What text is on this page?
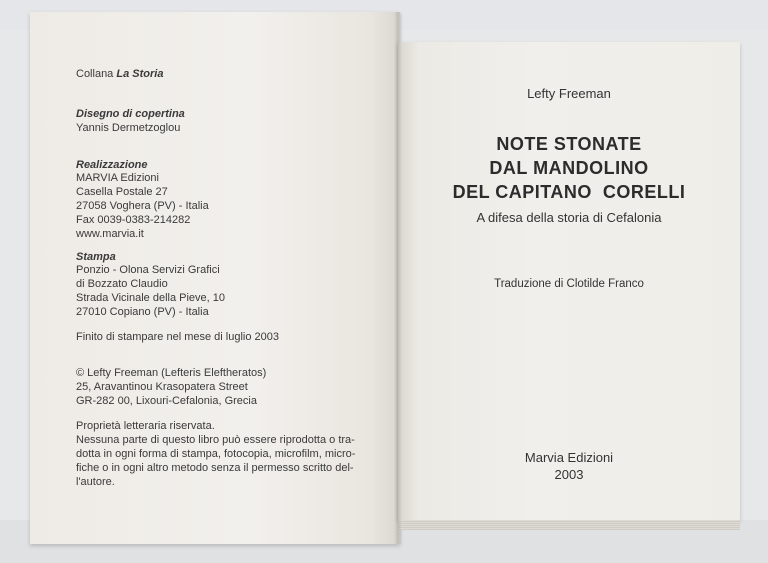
Collana La Storia
Disegno di copertina
Yannis Dermetzoglou
Realizzazione
MARVIA Edizioni
Casella Postale 27
27058 Voghera (PV) - Italia
Fax 0039-0383-214282
www.marvia.it
Stampa
Ponzio - Olona Servizi Grafici
di Bozzato Claudio
Strada Vicinale della Pieve, 10
27010 Copiano (PV) - Italia
Finito di stampare nel mese di luglio 2003
© Lefty Freeman (Lefteris Eleftheratos)
25, Aravantinou Krasopatera Street
GR-282 00, Lixouri-Cefalonia, Grecia
Proprietà letteraria riservata.
Nessuna parte di questo libro può essere riprodotta o tra-
dotta in ogni forma di stampa, fotocopia, microfilm, micro-
fiche o in ogni altro metodo senza il permesso scritto del-
l'autore.
Lefty Freeman
NOTE STONATE
DAL MANDOLINO
DEL CAPITANO  CORELLI
A difesa della storia di Cefalonia
Traduzione di Clotilde Franco
Marvia Edizioni
2003
